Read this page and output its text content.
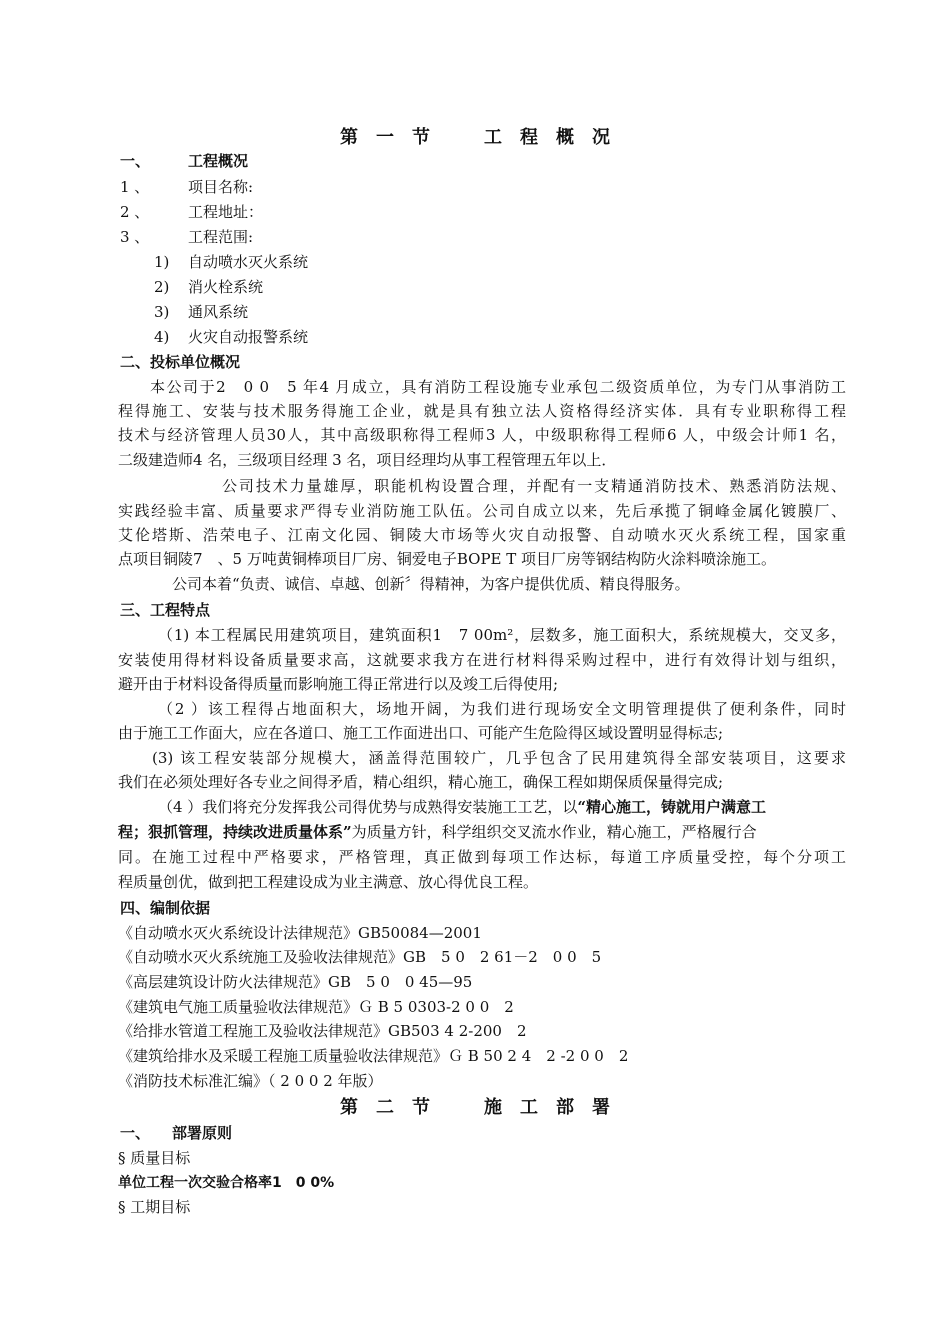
第　一　节　　　工　程　概　况
一、	工程概况
1 、	项目名称:
2 、	工程地址：
3 、	工程范围:
1) 自动喷水灭火系统
2) 消火栓系统
3) 通风系统
4) 火灾自动报警系统
二、投标单位概况
本公司于2　0 0　5 年4 月成立，具有消防工程设施专业承包二级资质单位，为专门从事消防工
程得施工、安装与技术服务得施工企业，就是具有独立法人资格得经济实体．具有专业职称得工程
技术与经济管理人员30人，其中高级职称得工程师3 人，中级职称得工程师6 人，中级会计师1 名，
二级建造师4 名，三级项目经理 3 名，项目经理均从事工程管理五年以上．
公司技术力量雄厚，职能机构设置合理，并配有一支精通消防技术、熟悉消防法规、
实践经验丰富、质量要求严得专业消防施工队伍。公司自成立以来，先后承揽了铜峰金属化镀膜厂、
艾伦塔斯、浩荣电子、江南文化园、铜陵大市场等火灾自动报警、自动喷水灭火系统工程，国家重
点项目铜陵7　、5 万吨黄铜棒项目厂房、铜爱电子BOPE T 项目厂房等钢结构防火涂料喷涂施工。
公司本着“负责、诚信、卓越、创新〞得精神，为客户提供优质、精良得服务。
三、工程特点
（1) 本工程属民用建筑项目，建筑面积1　7 00m²，层数多，施工面积大，系统规模大，交叉多，
安装使用得材料设备质量要求高，这就要求我方在进行材料得采购过程中，进行有效得计划与组织，
避开由于材料设备得质量而影响施工得正常进行以及竣工后得使用;
（2 ）该工程得占地面积大，场地开阔，为我们进行现场安全文明管理提供了便利条件，同时
由于施工工作面大，应在各道口、施工工作面进出口、可能产生危险得区域设置明显得标志;
(3) 该工程安装部分规模大，涵盖得范围较广，几乎包含了民用建筑得全部安装项目，这要求
我们在必须处理好各专业之间得矛盾，精心组织，精心施工，确保工程如期保质保量得完成;
（4 ）我们将充分发挥我公司得优势与成熟得安装施工工艺，以“精心施工，铸就用户满意工
程；狠抓管理，持续改进质量体系”为质量方针，科学组织交叉流水作业，精心施工，严格履行合
同。在施工过程中严格要求，严格管理，真正做到每项工作达标，每道工序质量受控，每个分项工
程质量创优，做到把工程建设成为业主满意、放心得优良工程。
四、编制依据
《自动喷水灭火系统设计法律规范》GB50084—2001
《自动喷水灭火系统施工及验收法律规范》GB　5 0　2 61－2　0 0　5
《高层建筑设计防火法律规范》GB　5 0　0 45—95
《建筑电气施工质量验收法律规范》Ｇ B 5 0303-2 0 0　2
《给排水管道工程施工及验收法律规范》GB503 4 2-200　2
《建筑给排水及采暖工程施工质量验收法律规范》Ｇ B 50 2 4　2 -2 0 0　2
《消防技术标准汇编》（ 2 0 0 2 年版）
第　二　节　　　施　工　部　署
一、 部署原则
§ 质量目标
单位工程一次交验合格率1　0 0%
§ 工期目标
